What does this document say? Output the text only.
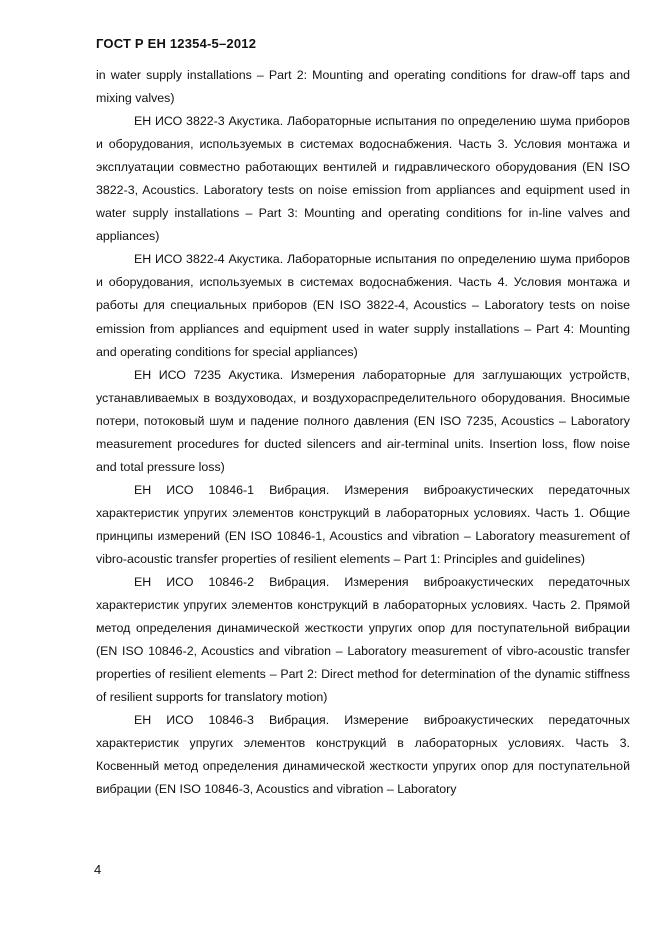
ГОСТ Р ЕН 12354-5–2012

in water supply installations – Part 2: Mounting and operating conditions for draw-off taps and mixing valves)

ЕН ИСО 3822-3 Акустика. Лабораторные испытания по определению шума приборов и оборудования, используемых в системах водоснабжения. Часть 3. Условия монтажа и эксплуатации совместно работающих вентилей и гидравлического оборудования (EN ISO 3822-3, Acoustics. Laboratory tests on noise emission from appliances and equipment used in water supply installations – Part 3: Mounting and operating conditions for in-line valves and appliances)

ЕН ИСО 3822-4 Акустика. Лабораторные испытания по определению шума приборов и оборудования, используемых в системах водоснабжения. Часть 4. Условия монтажа и работы для специальных приборов (EN ISO 3822-4, Acoustics – Laboratory tests on noise emission from appliances and equipment used in water supply installations – Part 4: Mounting and operating conditions for special appliances)

ЕН ИСО 7235 Акустика. Измерения лабораторные для заглушающих устройств, устанавливаемых в воздуховодах, и воздухораспределительного оборудования. Вносимые потери, потоковый шум и падение полного давления (EN ISO 7235, Acoustics – Laboratory measurement procedures for ducted silencers and air-terminal units. Insertion loss, flow noise and total pressure loss)

ЕН ИСО 10846-1 Вибрация. Измерения виброакустических передаточных характеристик упругих элементов конструкций в лабораторных условиях. Часть 1. Общие принципы измерений (EN ISO 10846-1, Acoustics and vibration – Laboratory measurement of vibro-acoustic transfer properties of resilient elements – Part 1: Principles and guidelines)

ЕН ИСО 10846-2 Вибрация. Измерения виброакустических передаточных характеристик упругих элементов конструкций в лабораторных условиях. Часть 2. Прямой метод определения динамической жесткости упругих опор для поступательной вибрации (EN ISO 10846-2, Acoustics and vibration – Laboratory measurement of vibro-acoustic transfer properties of resilient elements – Part 2: Direct method for determination of the dynamic stiffness of resilient supports for translatory motion)

ЕН ИСО 10846-3 Вибрация. Измерение виброакустических передаточных характеристик упругих элементов конструкций в лабораторных условиях. Часть 3. Косвенный метод определения динамической жесткости упругих опор для поступательной вибрации (EN ISO 10846-3, Acoustics and vibration – Laboratory

4
